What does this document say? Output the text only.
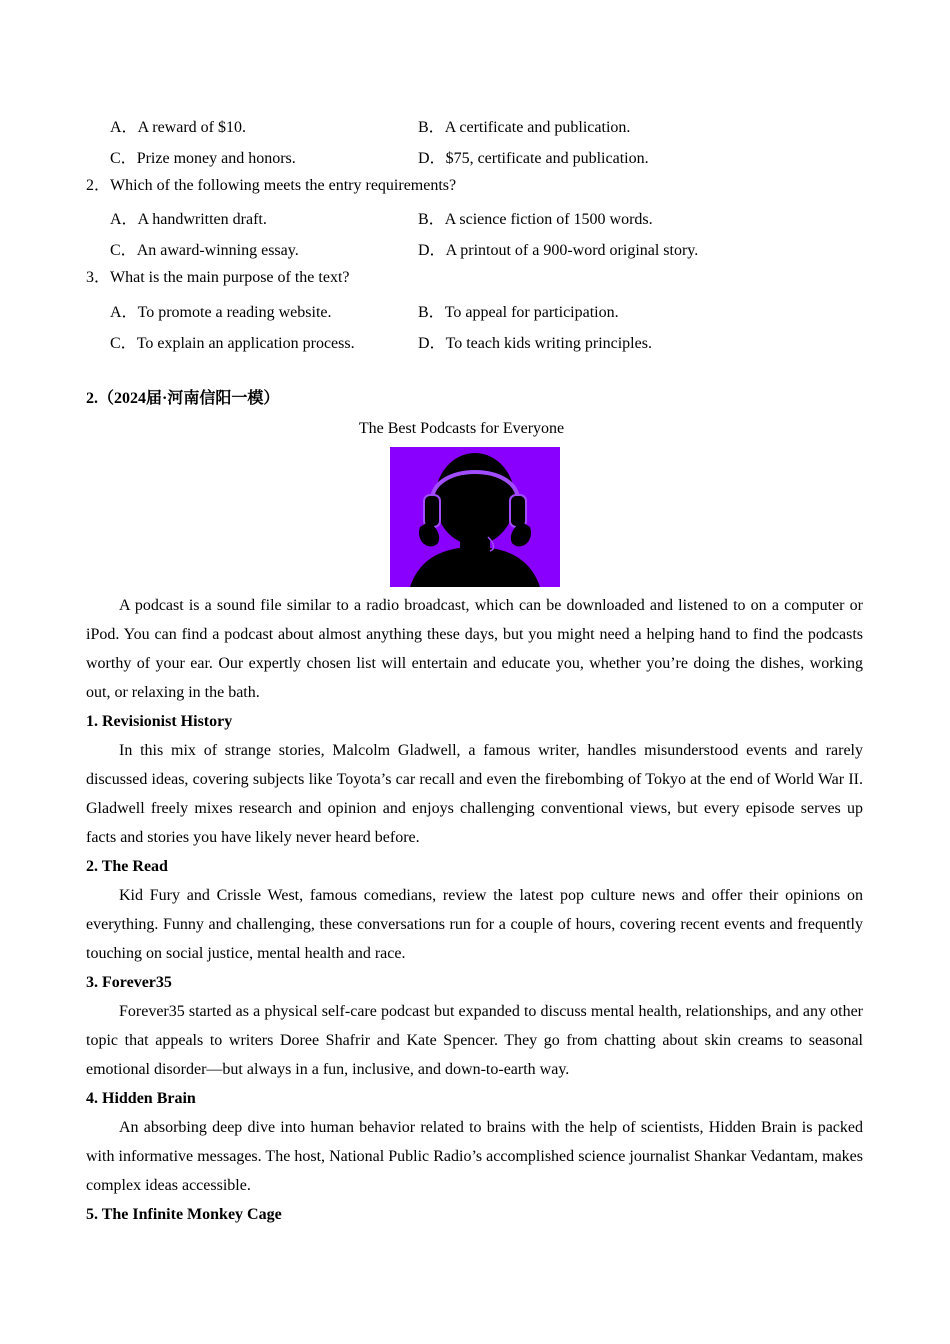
A．A reward of $10.	B．A certificate and publication.
C．Prize money and honors.	D．$75, certificate and publication.
2．Which of the following meets the entry requirements?
A．A handwritten draft.	B．A science fiction of 1500 words.
C．An award-winning essay.	D．A printout of a 900-word original story.
3．What is the main purpose of the text?
A．To promote a reading website.	B．To appeal for participation.
C．To explain an application process.	D．To teach kids writing principles.
2.（2024届·河南信阳一模）
The Best Podcasts for Everyone

A podcast is a sound file similar to a radio broadcast, which can be downloaded and listened to on a computer or iPod. You can find a podcast about almost anything these days, but you might need a helping hand to find the podcasts worthy of your ear. Our expertly chosen list will entertain and educate you, whether you’re doing the dishes, working out, or relaxing in the bath.

1. Revisionist History

In this mix of strange stories, Malcolm Gladwell, a famous writer, handles misunderstood events and rarely discussed ideas, covering subjects like Toyota’s car recall and even the firebombing of Tokyo at the end of World War II. Gladwell freely mixes research and opinion and enjoys challenging conventional views, but every episode serves up facts and stories you have likely never heard before.

2. The Read

Kid Fury and Crissle West, famous comedians, review the latest pop culture news and offer their opinions on everything. Funny and challenging, these conversations run for a couple of hours, covering recent events and frequently touching on social justice, mental health and race.

3. Forever35

Forever35 started as a physical self-care podcast but expanded to discuss mental health, relationships, and any other topic that appeals to writers Doree Shafrir and Kate Spencer. They go from chatting about skin creams to seasonal emotional disorder—but always in a fun, inclusive, and down-to-earth way.

4. Hidden Brain

An absorbing deep dive into human behavior related to brains with the help of scientists, Hidden Brain is packed with informative messages. The host, National Public Radio’s accomplished science journalist Shankar Vedantam, makes complex ideas accessible.

5. The Infinite Monkey Cage
